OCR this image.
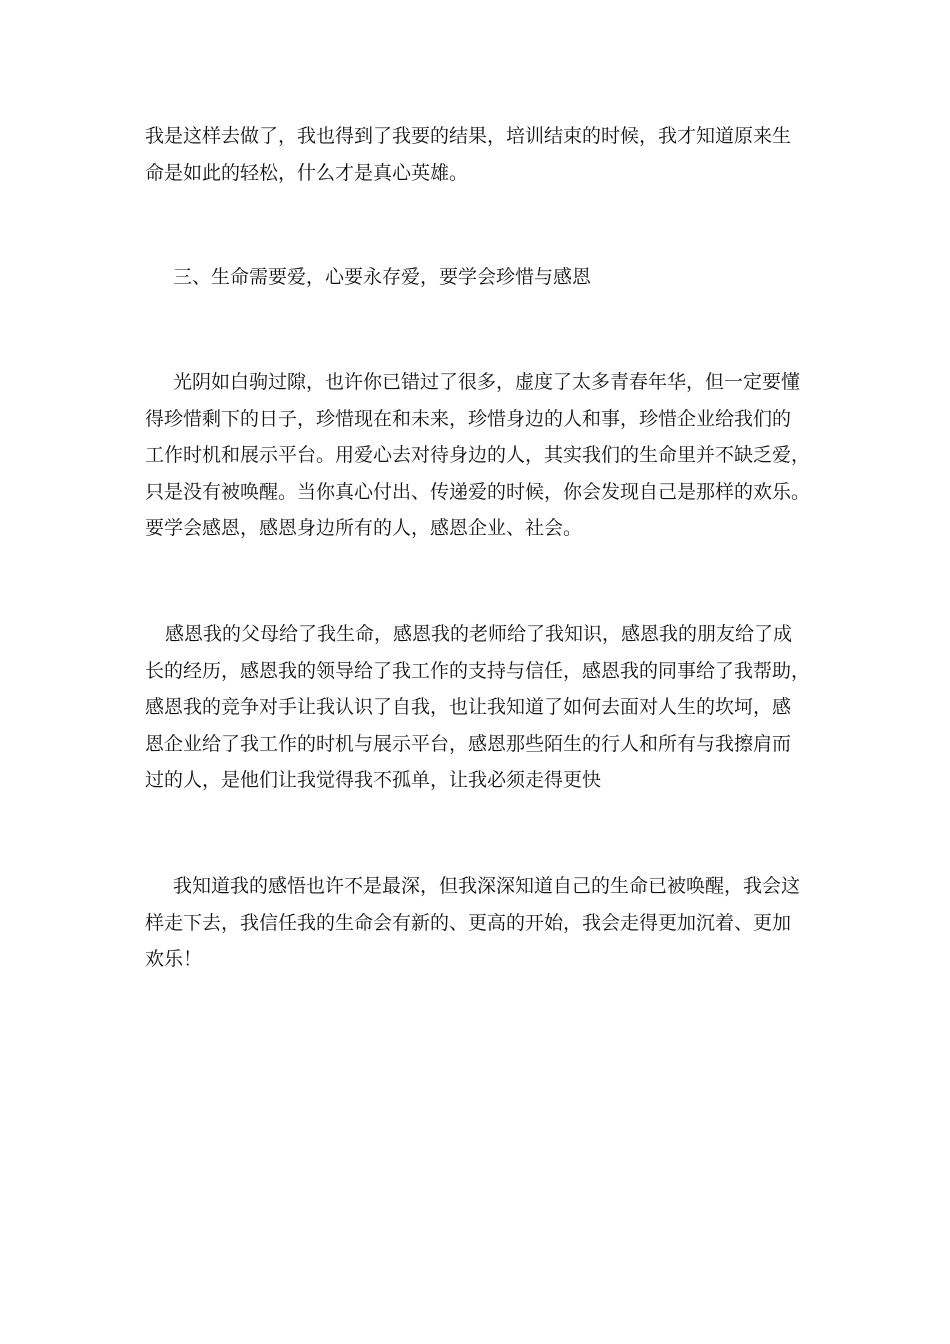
我是这样去做了，我也得到了我要的结果，培训结束的时候，我才知道原来生
命是如此的轻松，什么才是真心英雄。
三、生命需要爱，心要永存爱，要学会珍惜与感恩
光阴如白驹过隙，也许你已错过了很多，虚度了太多青春年华，但一定要懂
得珍惜剩下的日子，珍惜现在和未来，珍惜身边的人和事，珍惜企业给我们的
工作时机和展示平台。用爱心去对待身边的人，其实我们的生命里并不缺乏爱，
只是没有被唤醒。当你真心付出、传递爱的时候，你会发现自己是那样的欢乐。
要学会感恩，感恩身边所有的人，感恩企业、社会。
感恩我的父母给了我生命，感恩我的老师给了我知识，感恩我的朋友给了成
长的经历，感恩我的领导给了我工作的支持与信任，感恩我的同事给了我帮助，
感恩我的竞争对手让我认识了自我，也让我知道了如何去面对人生的坎坷，感
恩企业给了我工作的时机与展示平台，感恩那些陌生的行人和所有与我擦肩而
过的人，是他们让我觉得我不孤单，让我必须走得更快
我知道我的感悟也许不是最深，但我深深知道自己的生命已被唤醒，我会这
样走下去，我信任我的生命会有新的、更高的开始，我会走得更加沉着、更加
欢乐！
